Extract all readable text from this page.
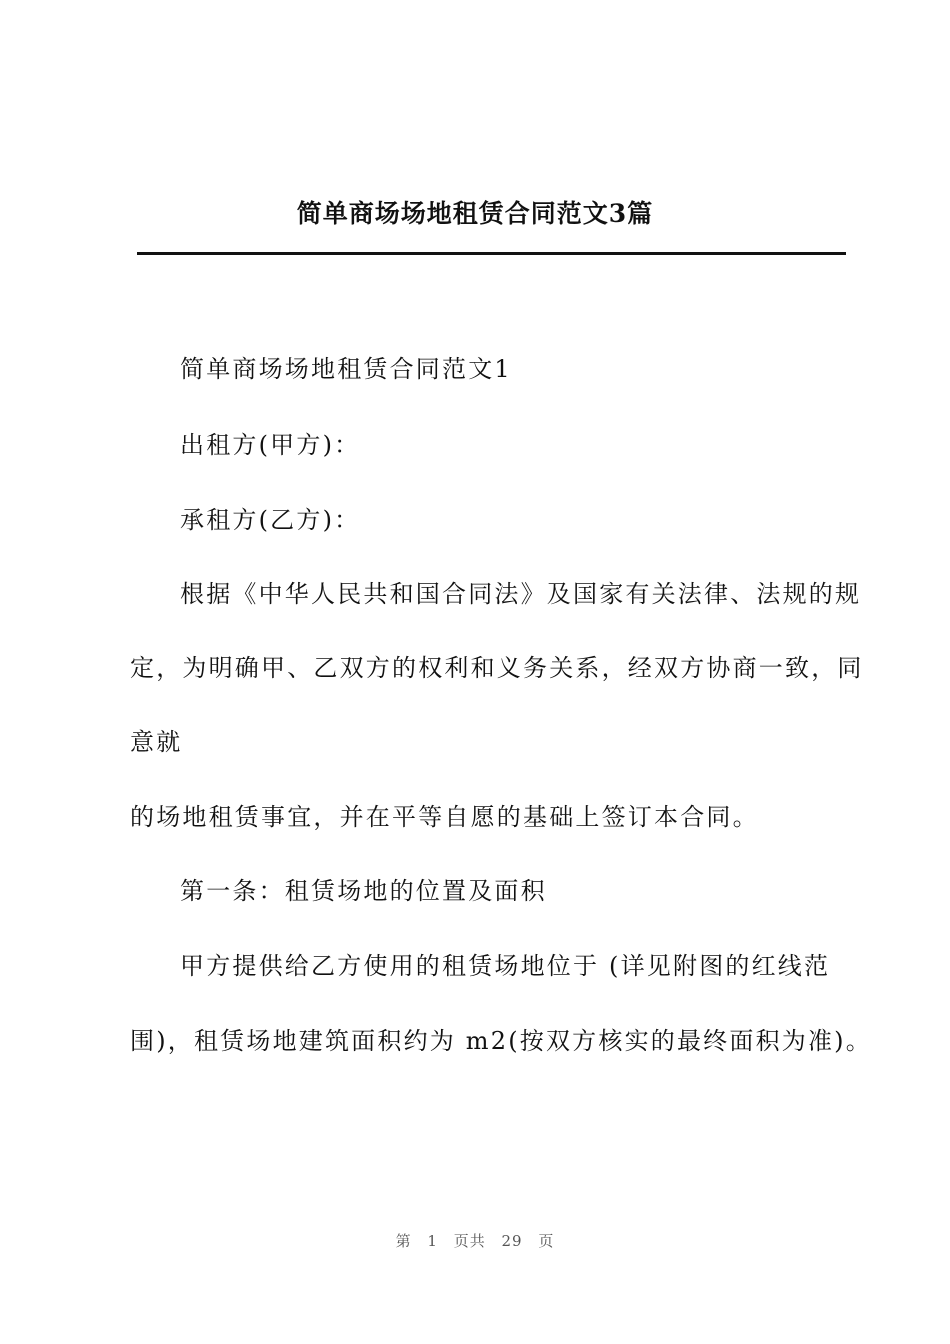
简单商场场地租赁合同范文3篇
简单商场场地租赁合同范文1
出租方(甲方)：
承租方(乙方)：
根据《中华人民共和国合同法》及国家有关法律、法规的规
定，为明确甲、乙双方的权利和义务关系，经双方协商一致，同
意就
的场地租赁事宜，并在平等自愿的基础上签订本合同。
第一条：租赁场地的位置及面积
甲方提供给乙方使用的租赁场地位于 (详见附图的红线范
围)，租赁场地建筑面积约为 m2(按双方核实的最终面积为准)。
第 1 页共 29 页
